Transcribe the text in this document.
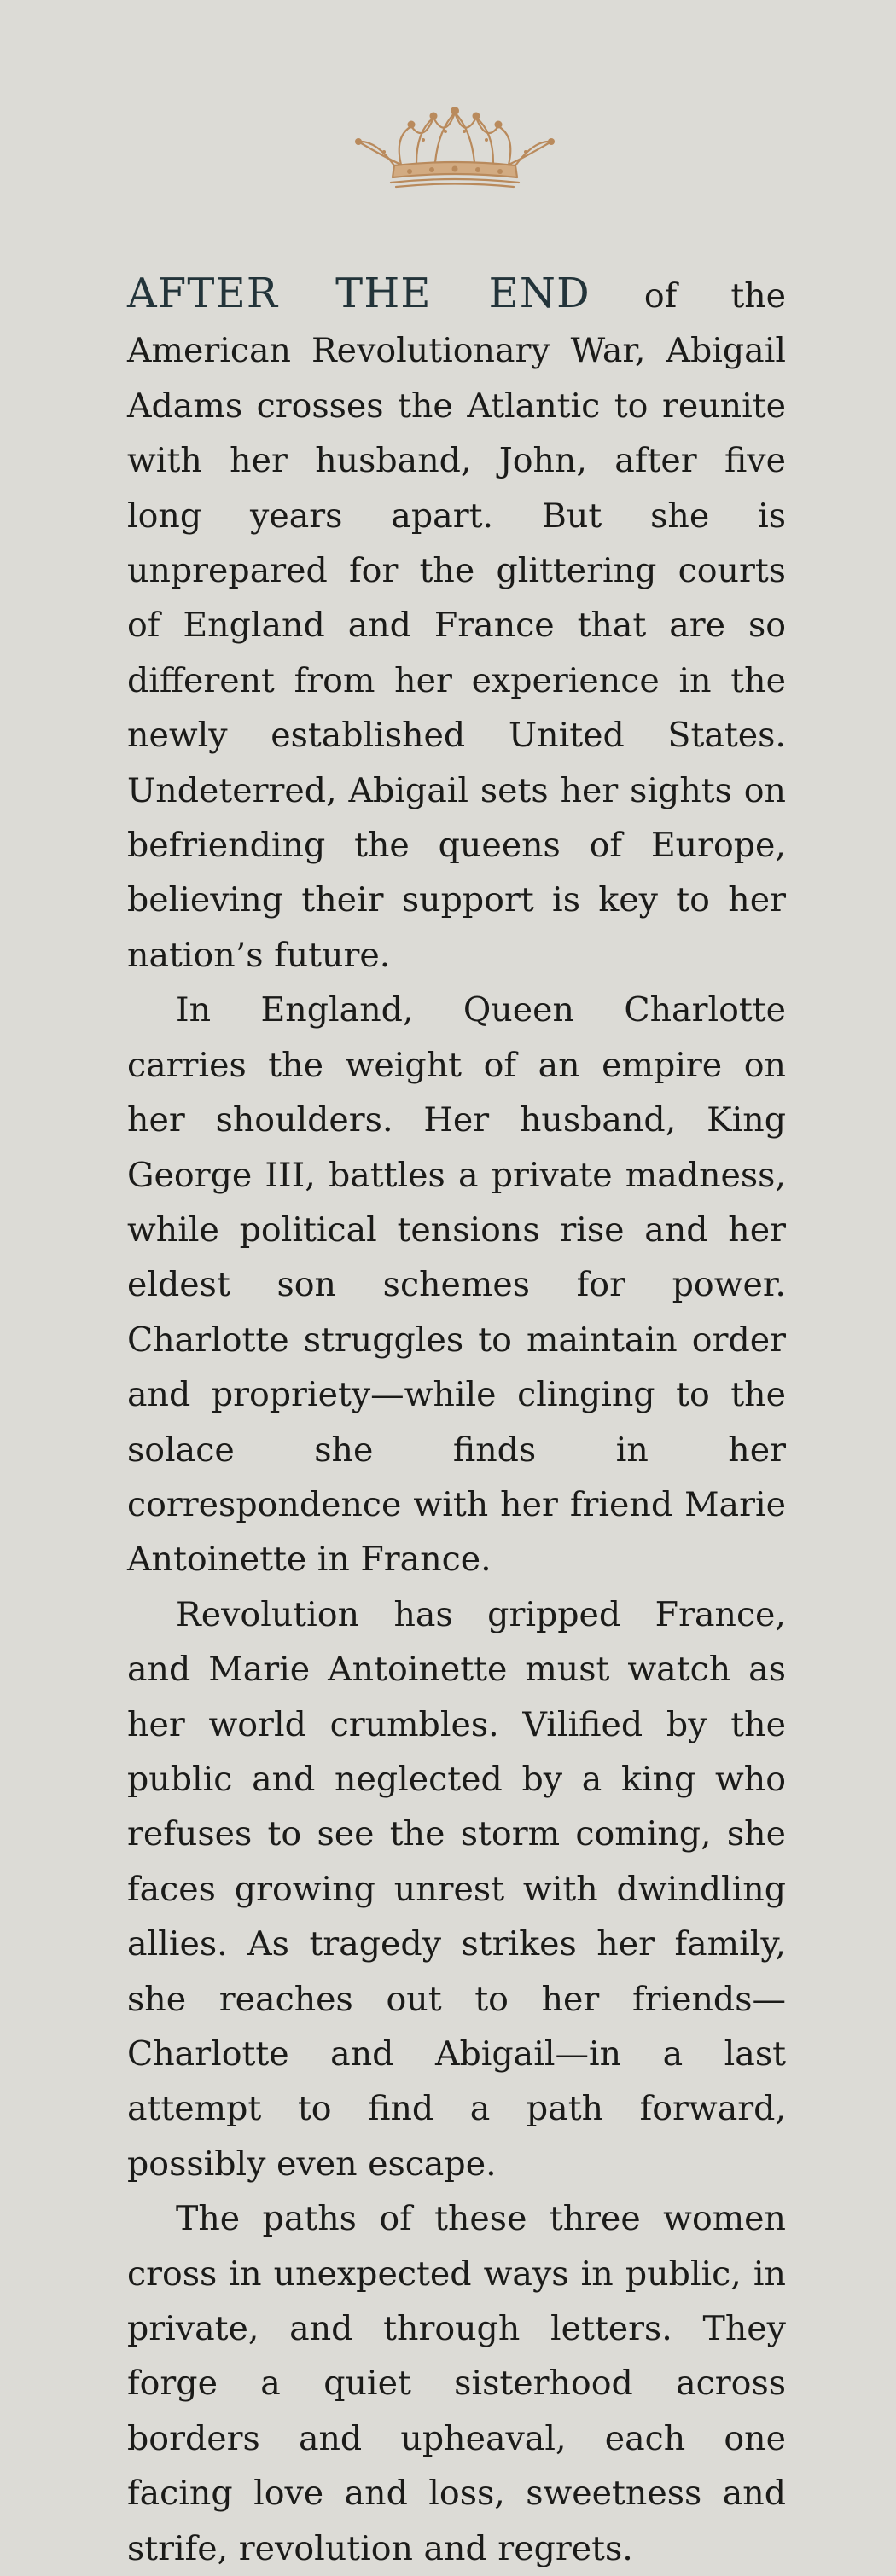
AFTER THE END of the American Revolutionary War, Abigail Adams crosses the Atlantic to reunite with her husband, John, after five long years apart. But she is unprepared for the glittering courts of England and France that are so different from her experience in the newly established United States. Undeterred, Abigail sets her sights on befriending the queens of Europe, believing their support is key to her nation’s future.

In England, Queen Charlotte carries the weight of an empire on her shoulders. Her husband, King George III, battles a private madness, while political tensions rise and her eldest son schemes for power. Charlotte struggles to maintain order and propriety—while clinging to the solace she finds in her correspondence with her friend Marie Antoinette in France.

Revolution has gripped France, and Marie Antoinette must watch as her world crumbles. Vilified by the public and neglected by a king who refuses to see the storm coming, she faces growing unrest with dwindling allies. As tragedy strikes her family, she reaches out to her friends—Charlotte and Abigail—in a last attempt to find a path forward, possibly even escape.

The paths of these three women cross in unexpected ways in public, in private, and through letters. They forge a quiet sisterhood across borders and upheaval, each one facing love and loss, sweetness and strife, revolution and regrets.
